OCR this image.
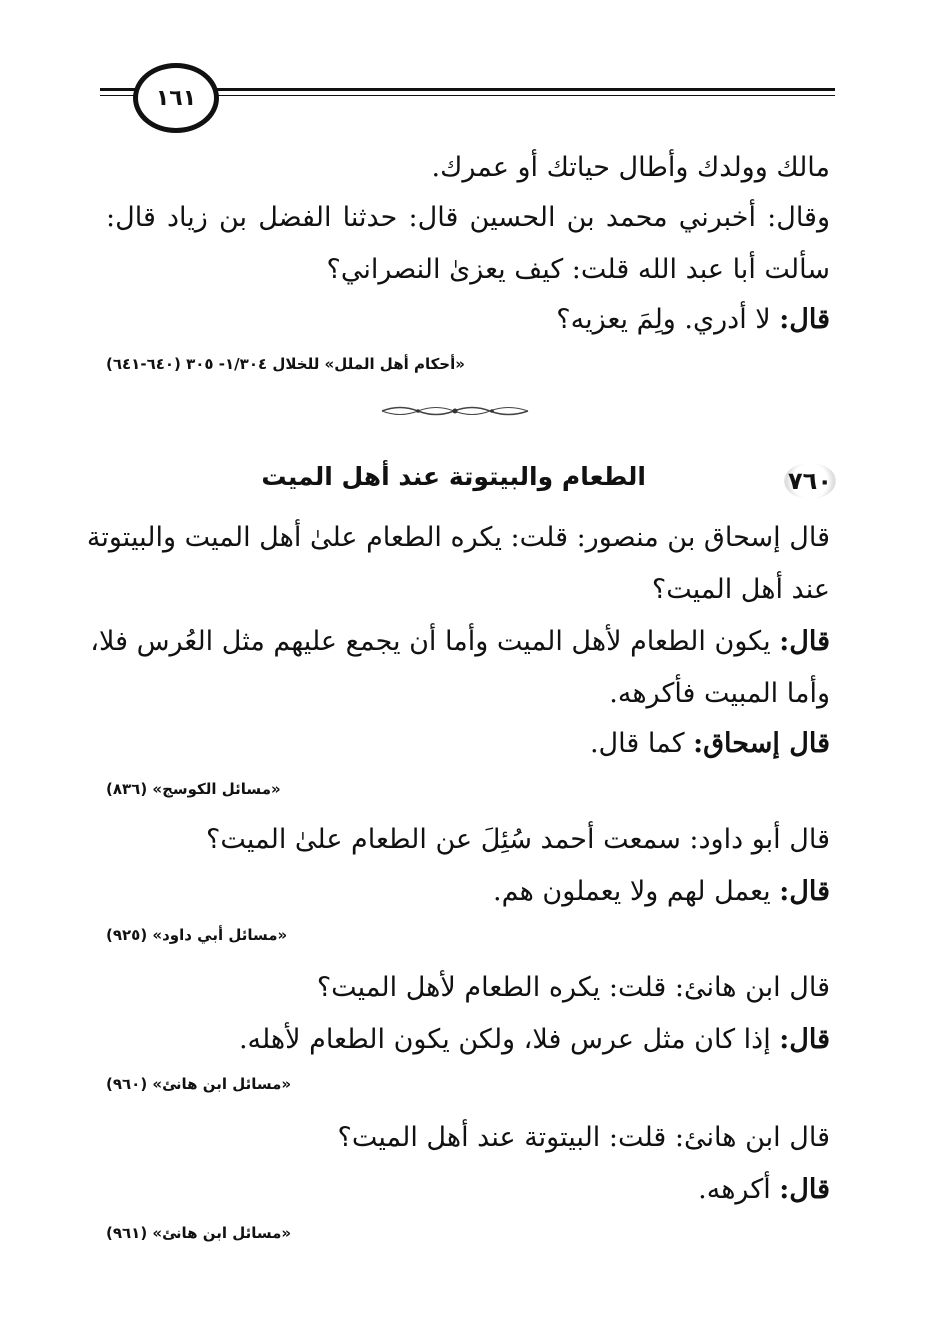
١٦١
مالك وولدك وأطال حياتك أو عمرك.
وقال: أخبرني محمد بن الحسين قال: حدثنا الفضل بن زياد قال:
سألت أبا عبد الله قلت: كيف يعزىٰ النصراني؟
قال: لا أدري. ولِمَ يعزيه؟
«أحكام أهل الملل» للخلال ١/٣٠٤- ٣٠٥ (٦٤٠-٦٤١)
٧٦٠
الطعام والبيتوتة عند أهل الميت
قال إسحاق بن منصور: قلت: يكره الطعام علىٰ أهل الميت والبيتوتة
عند أهل الميت؟
قال: يكون الطعام لأهل الميت وأما أن يجمع عليهم مثل العُرس فلا،
وأما المبيت فأكرهه.
قال إسحاق: كما قال.
«مسائل الكوسج» (٨٣٦)
قال أبو داود: سمعت أحمد سُئِلَ عن الطعام علىٰ الميت؟
قال: يعمل لهم ولا يعملون هم.
«مسائل أبي داود» (٩٢٥)
قال ابن هانئ: قلت: يكره الطعام لأهل الميت؟
قال: إذا كان مثل عرس فلا، ولكن يكون الطعام لأهله.
«مسائل ابن هانئ» (٩٦٠)
قال ابن هانئ: قلت: البيتوتة عند أهل الميت؟
قال: أكرهه.
«مسائل ابن هانئ» (٩٦١)
